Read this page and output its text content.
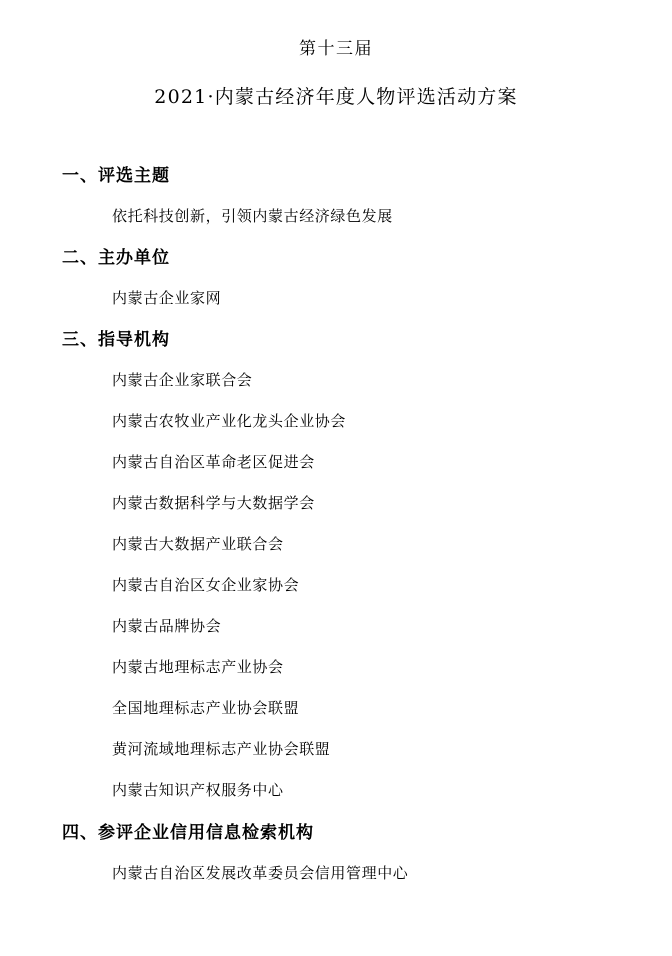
第十三届
2021·内蒙古经济年度人物评选活动方案
一、评选主题
依托科技创新，引领内蒙古经济绿色发展
二、主办单位
内蒙古企业家网
三、指导机构
内蒙古企业家联合会
内蒙古农牧业产业化龙头企业协会
内蒙古自治区革命老区促进会
内蒙古数据科学与大数据学会
内蒙古大数据产业联合会
内蒙古自治区女企业家协会
内蒙古品牌协会
内蒙古地理标志产业协会
全国地理标志产业协会联盟
黄河流域地理标志产业协会联盟
内蒙古知识产权服务中心
四、参评企业信用信息检索机构
内蒙古自治区发展改革委员会信用管理中心
